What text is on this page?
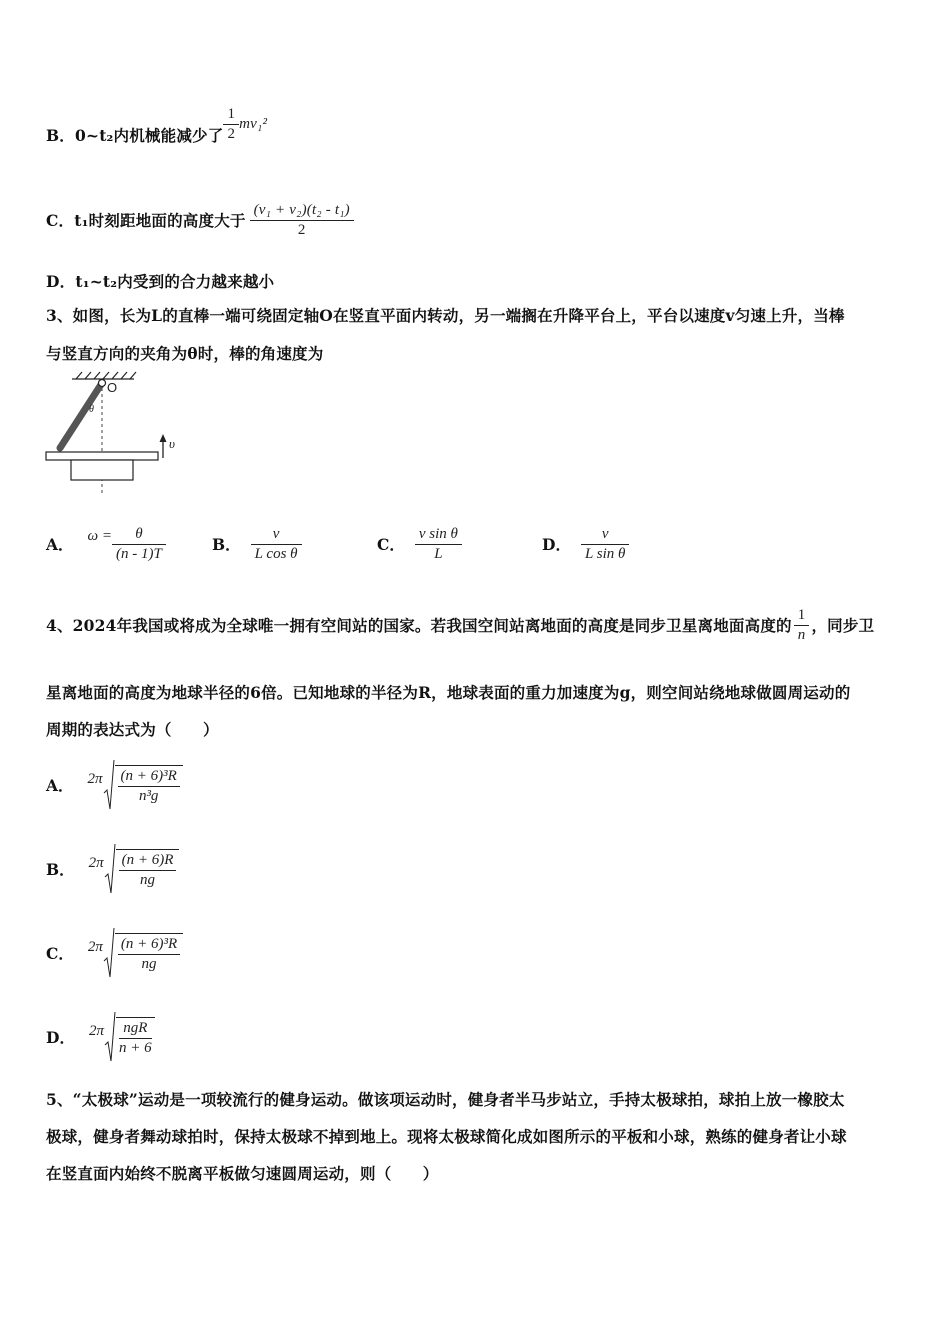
B． 0~t₂内机械能减少了 $\frac{1}{2} mv_1^2$
C． t₁时刻距地面的高度大于 $\frac{\text{(v₁ + v₂)(t₂ - t₁)}}{2}$
D．t₁~t₂内受到的合力越来越小
3、如图，长为L的直棒一端可绕固定轴O在竖直平面内转动，另一端搁在升降平台上，平台以速度v匀速上升，当棒
与竖直方向的夹角为θ时，棒的角速度为
O
θ
υ
A． $\omega = \frac{\theta}{(n - 1)T}$	B． $\frac{v}{\text{L cos θ}}$	C． $\frac{\text{v sin θ}}{L}$	D． $\frac{v}{\text{L sin θ}}$
4、2024年我国或将成为全球唯一拥有空间站的国家。若我国空间站离地面的高度是同步卫星离地面高度的 $\frac{1}{n}$ ，同步卫
星离地面的高度为地球半径的6倍。已知地球的半径为R，地球表面的重力加速度为g，则空间站绕地球做圆周运动的
周期的表达式为（　　）
A． 2π (n + 6)³R
n³g
B． 2π (n + 6)R
ng
C． 2π (n + 6)³R
ng
D． 2π ngR
n + 6
5、“太极球”运动是一项较流行的健身运动。做该项运动时，健身者半马步站立，手持太极球拍，球拍上放一橡胶太
极球，健身者舞动球拍时，保持太极球不掉到地上。现将太极球简化成如图所示的平板和小球，熟练的健身者让小球
在竖直面内始终不脱离平板做匀速圆周运动，则（　　）
